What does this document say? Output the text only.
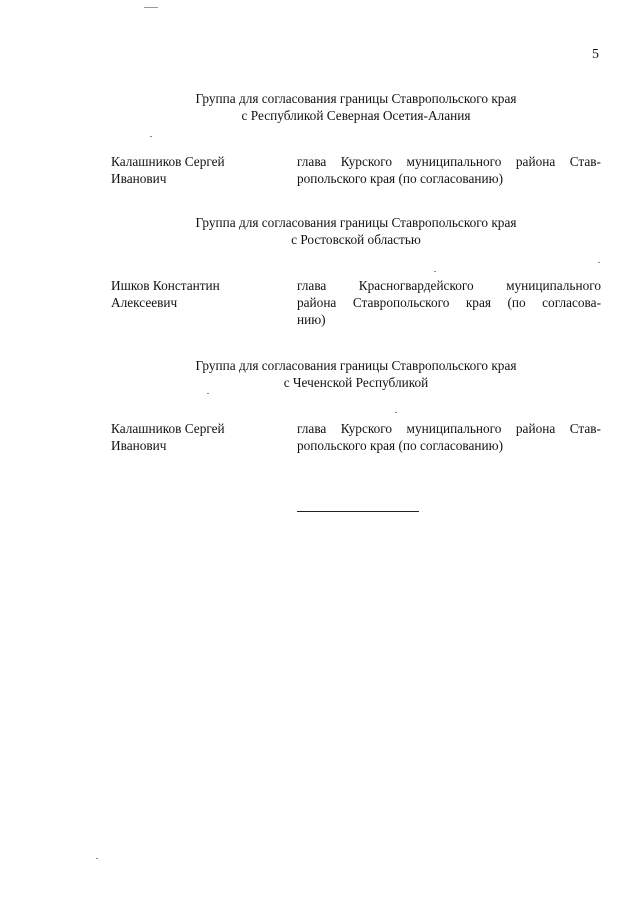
5
Группа для согласования границы Ставропольского края
с Республикой Северная Осетия-Алания
Калашников Сергей
Иванович
глава Курского муниципального района Став-
ропольского края (по согласованию)
Группа для согласования границы Ставропольского края
с Ростовской областью
Ишков Константин
Алексеевич
глава Красногвардейского муниципального
района Ставропольского края (по согласова-
нию)
Группа для согласования границы Ставропольского края
с Чеченской Республикой
Калашников Сергей
Иванович
глава Курского муниципального района Став-
ропольского края (по согласованию)
